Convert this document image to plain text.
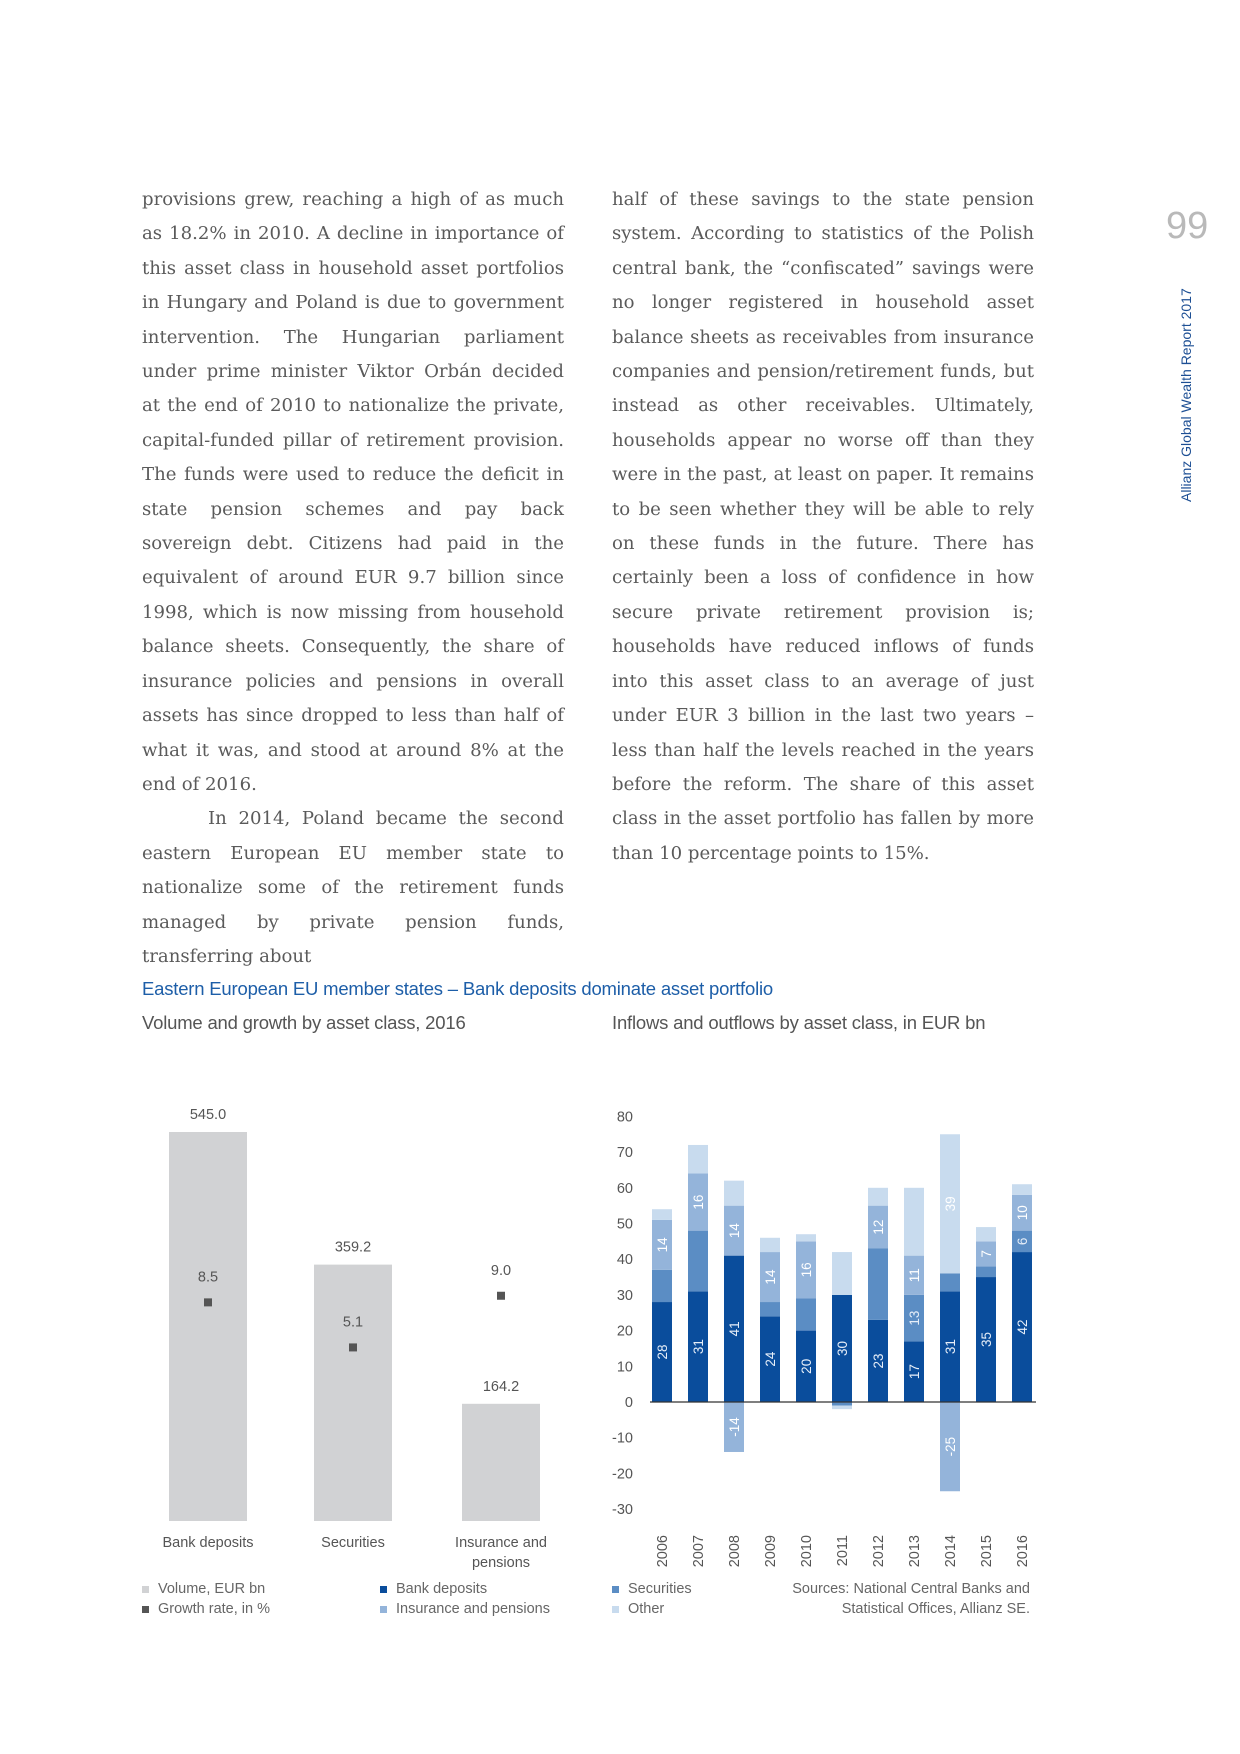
99
Allianz Global Wealth Report 2017

provisions grew, reaching a high of as much as 18.2% in 2010. A decline in importance of this asset class in household asset portfolios in Hungary and Poland is due to government intervention. The Hungarian parliament under prime minister Viktor Orbán decided at the end of 2010 to nationalize the private, capital-funded pillar of retirement provision. The funds were used to reduce the deficit in state pension schemes and pay back sovereign debt. Citizens had paid in the equivalent of around EUR 9.7 billion since 1998, which is now missing from household balance sheets. Consequently, the share of insurance policies and pensions in overall assets has since dropped to less than half of what it was, and stood at around 8% at the end of 2016.

In 2014, Poland became the second eastern European EU member state to nationalize some of the retirement funds managed by private pension funds, transferring about

half of these savings to the state pension system. According to statistics of the Polish central bank, the “confiscated” savings were no longer registered in household asset balance sheets as receivables from insurance companies and pension/retirement funds, but instead as other receivables. Ultimately, households appear no worse off than they were in the past, at least on paper. It remains to be seen whether they will be able to rely on these funds in the future. There has certainly been a loss of confidence in how secure private retirement provision is; households have reduced inflows of funds into this asset class to an average of just under EUR 3 billion in the last two years – less than half the levels reached in the years before the reform. The share of this asset class in the asset portfolio has fallen by more than 10 percentage points to 15%.

Eastern European EU member states – Bank deposits dominate asset portfolio
Volume and growth by asset class, 2016	Inflows and outflows by asset class, in EUR bn
545.0
8.5
Bank deposits
359.2
5.1
Securities
164.2
9.0
Insurance and
pensions
80
70
60
50
40
30
20
10
0
-10
-20
-30
28
14
2006
31
16
2007
41
14
-14
2008
24
14
2009
20
16
2010
30
2011
23
12
2012
17
13
11
2013
31
39
-25
2014
35
7
2015
42
6
10
2016
Volume, EUR bn
Growth rate, in %
Bank deposits
Insurance and pensions
Securities
Other
Sources: National Central Banks and Statistical Offices, Allianz SE.
